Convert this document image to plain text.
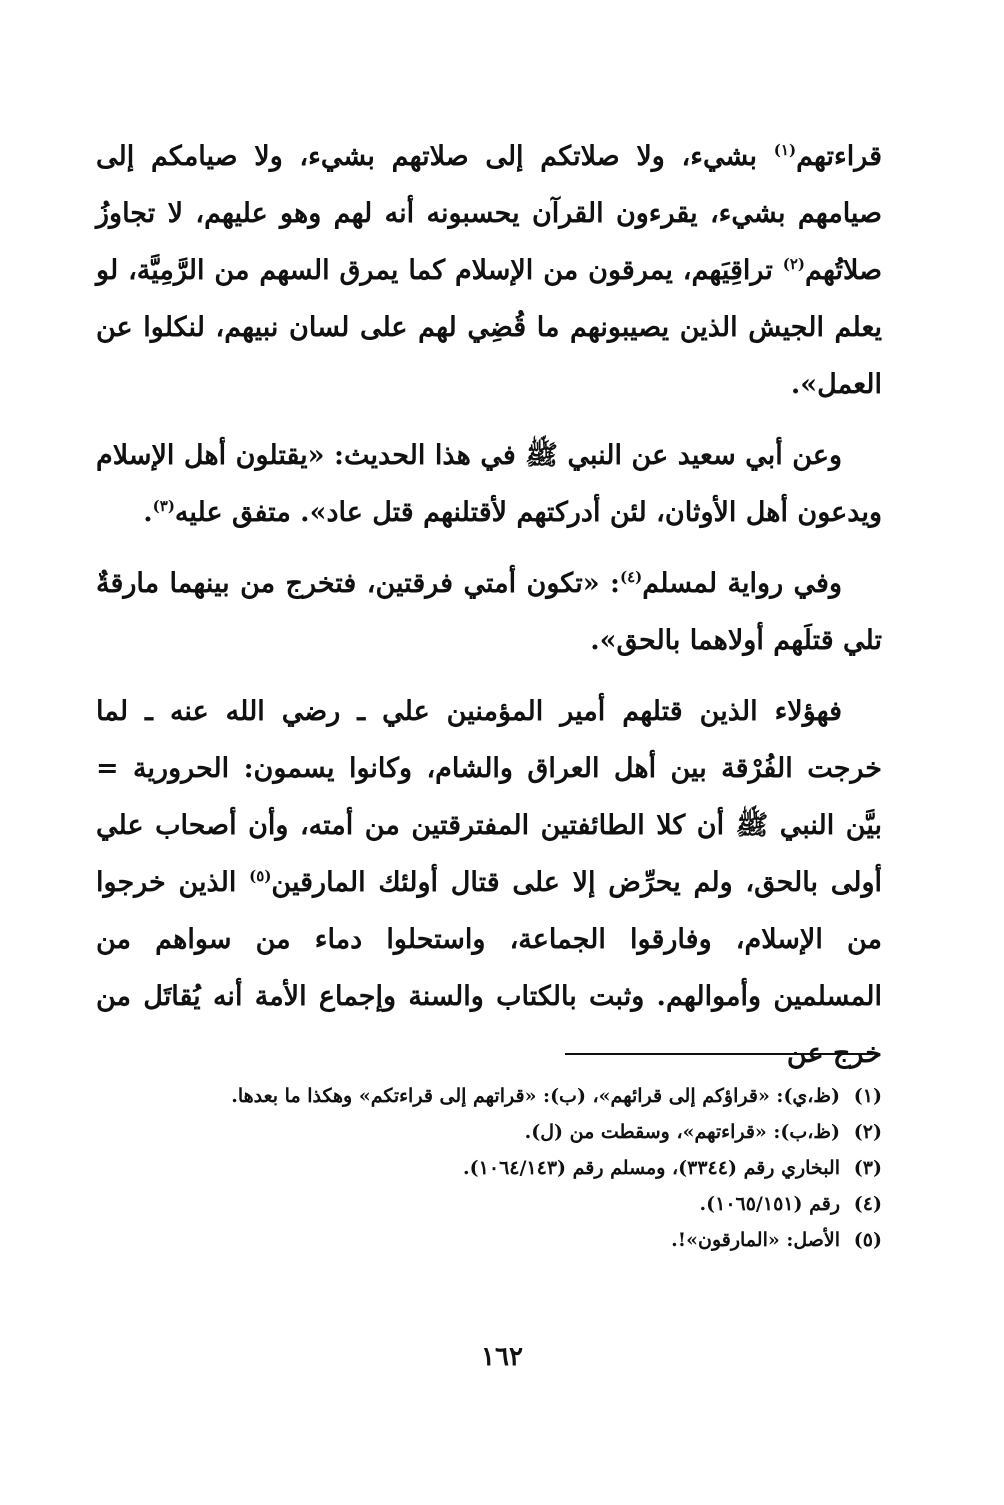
قراءتهم$^{(١)}$ بشيء، ولا صلاتكم إلى صلاتهم بشيء، ولا صيامكم إلى صيامهم بشيء، يقرءون القرآن يحسبونه أنه لهم وهو عليهم، لا تجاوزُ صلاتُهم$^{(٢)}$ تراقِيَهم، يمرقون من الإسلام كما يمرق السهم من الرَّمِيَّة، لو يعلم الجيش الذين يصيبونهم ما قُضِي لهم على لسان نبيهم، لنكلوا عن العمل».

وعن أبي سعيد عن النبي ﷺ في هذا الحديث: «يقتلون أهل الإسلام ويدعون أهل الأوثان، لئن أدركتهم لأقتلنهم قتل عاد». متفق عليه$^{(٣)}$.

وفي رواية لمسلم$^{(٤)}$: «تكون أمتي فرقتين، فتخرج من بينهما مارقةٌ تلي قتلَهم أولاهما بالحق».

فهؤلاء الذين قتلهم أمير المؤمنين علي ـ رضي الله عنه ـ لما خرجت الفُرْقة بين أهل العراق والشام، وكانوا يسمون: الحرورية = بيَّن النبي ﷺ أن كلا الطائفتين المفترقتين من أمته، وأن أصحاب علي أولى بالحق، ولم يحرِّض إلا على قتال أولئك المارقين$^{(٥)}$ الذين خرجوا من الإسلام، وفارقوا الجماعة، واستحلوا دماء من سواهم من المسلمين وأموالهم. وثبت بالكتاب والسنة وإجماع الأمة أنه يُقاتَل من خرج عن

(١)
(ظ،ي): «قراؤكم إلى قرائهم»، (ب): «قراتهم إلى قراءتكم» وهكذا ما بعدها.
(٢)
(ظ،ب): «قراءتهم»، وسقطت من (ل).
(٣)
البخاري رقم (٣٣٤٤)، ومسلم رقم (١٠٦٤/١٤٣).
(٤)
رقم (١٠٦٥/١٥١).
(٥)
الأصل: «المارقون»!.
١٦٢
